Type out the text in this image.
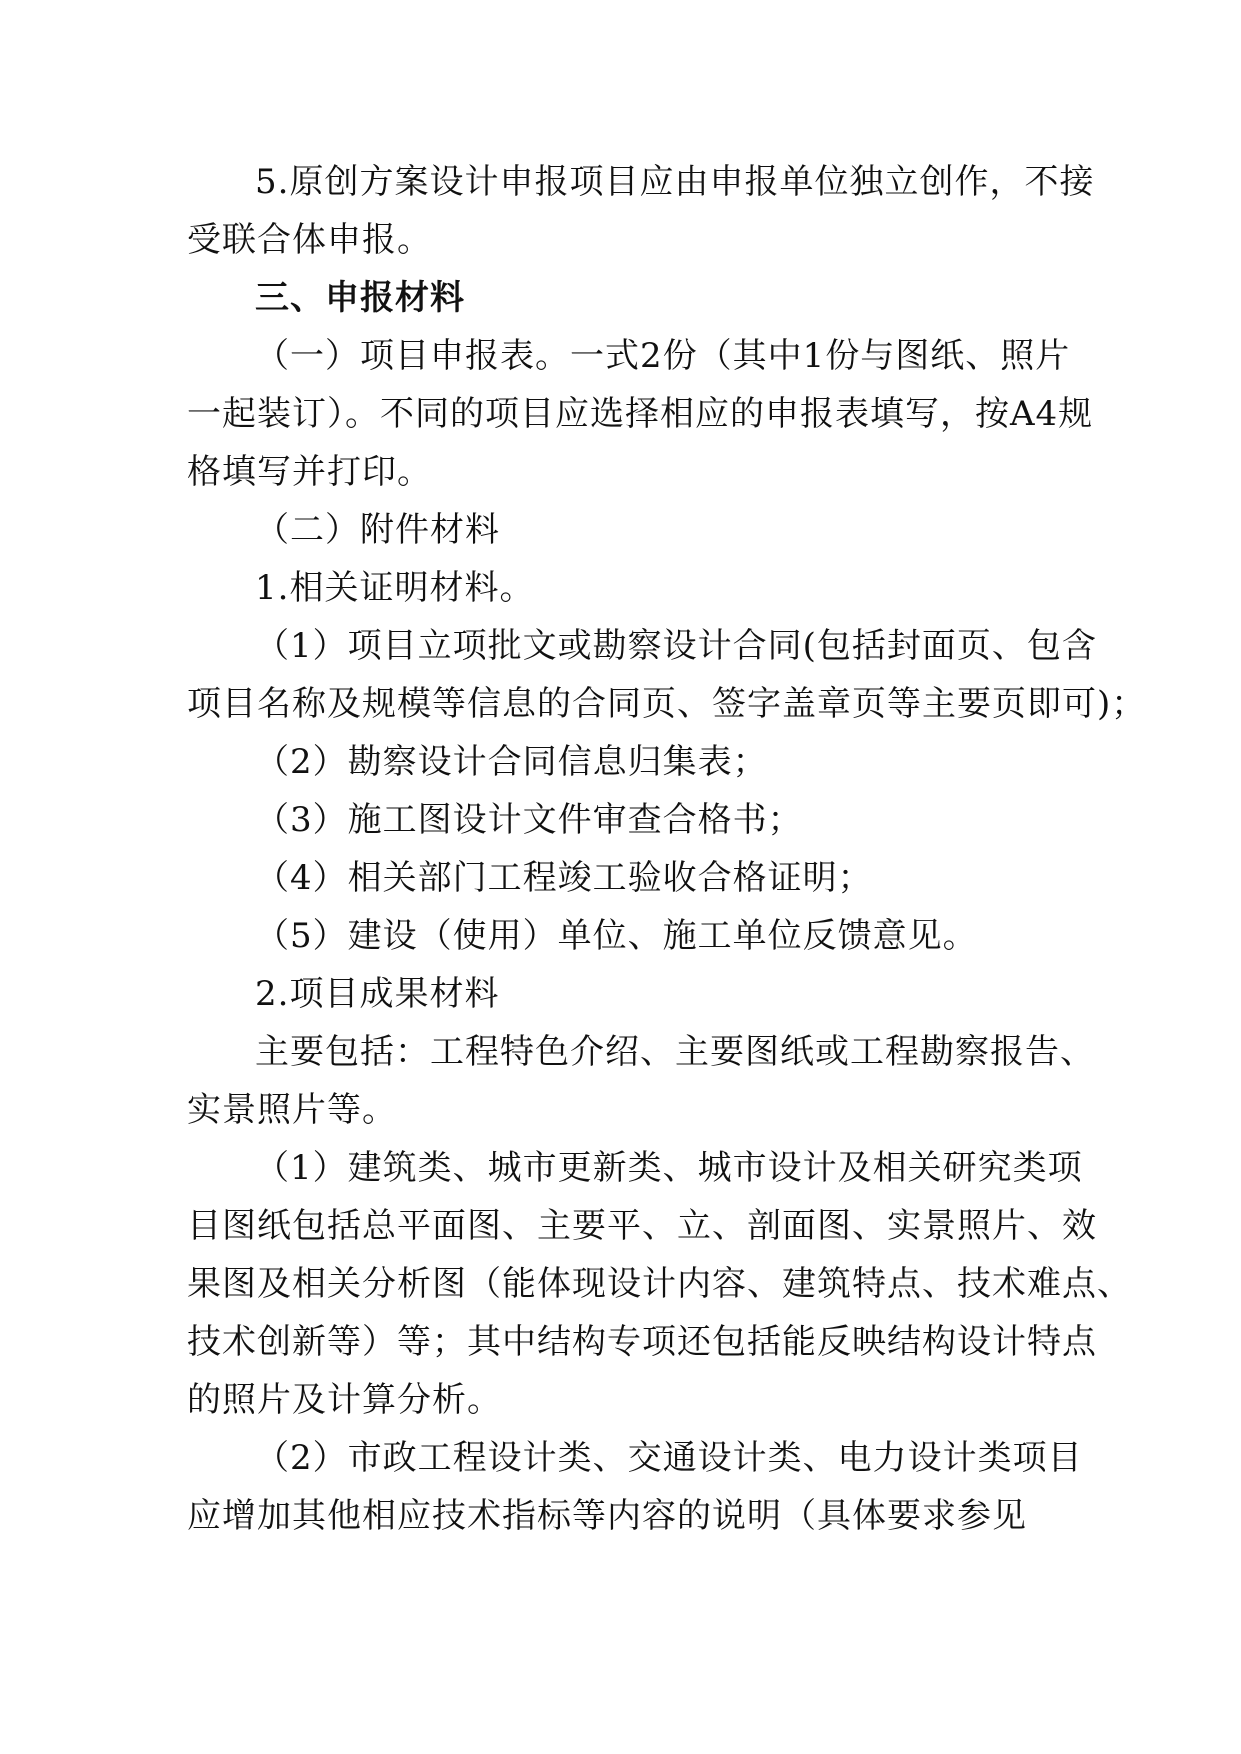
5.原创方案设计申报项目应由申报单位独立创作，不接
受联合体申报。
三、申报材料
（一）项目申报表。一式2份（其中1份与图纸、照片
一起装订）。不同的项目应选择相应的申报表填写，按A4规
格填写并打印。
（二）附件材料
1.相关证明材料。
（1）项目立项批文或勘察设计合同(包括封面页、包含
项目名称及规模等信息的合同页、签字盖章页等主要页即可)；
（2）勘察设计合同信息归集表；
（3）施工图设计文件审查合格书；
（4）相关部门工程竣工验收合格证明；
（5）建设（使用）单位、施工单位反馈意见。
2.项目成果材料
主要包括：工程特色介绍、主要图纸或工程勘察报告、
实景照片等。
（1）建筑类、城市更新类、城市设计及相关研究类项
目图纸包括总平面图、主要平、立、剖面图、实景照片、效
果图及相关分析图（能体现设计内容、建筑特点、技术难点、
技术创新等）等；其中结构专项还包括能反映结构设计特点
的照片及计算分析。
（2）市政工程设计类、交通设计类、电力设计类项目
应增加其他相应技术指标等内容的说明（具体要求参见
